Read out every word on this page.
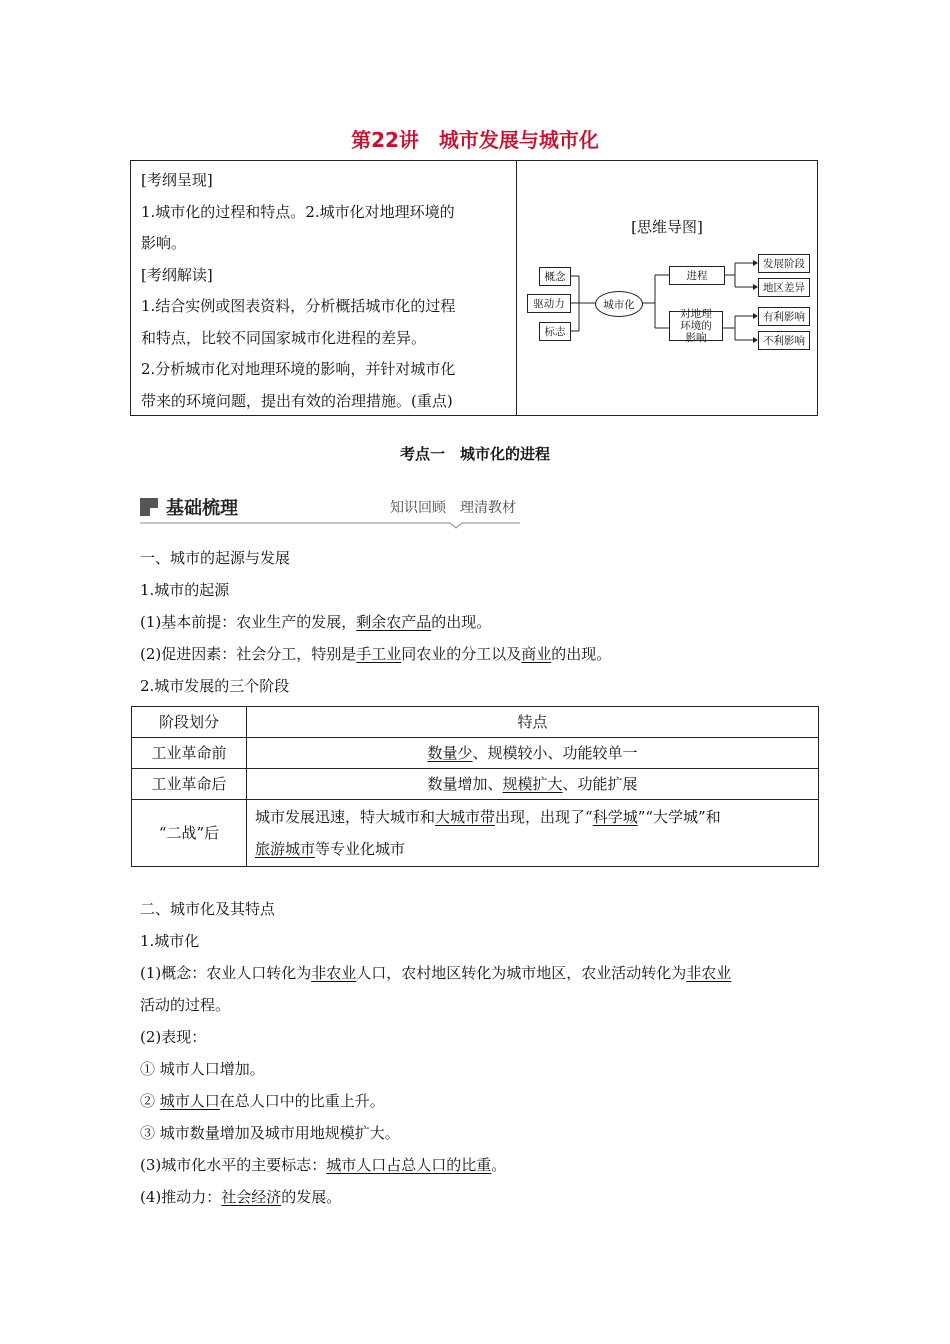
第22讲　城市发展与城市化

[考纲呈现]

1.城市化的过程和特点。2.城市化对地理环境的

影响。

[考纲解读]

1.结合实例或图表资料，分析概括城市化的过程

和特点，比较不同国家城市化进程的差异。

2.分析城市化对地理环境的影响，并针对城市化

带来的环境问题，提出有效的治理措施。(重点)

[思维导图]
概念
驱动力
标志
城市化
进程
对地理环境的影响
发展阶段
地区差异
有利影响
不利影响
考点一　城市化的进程
基础梳理	知识回顾　理清教材

一、城市的起源与发展

1.城市的起源

(1)基本前提：农业生产的发展，剩余农产品的出现。

(2)促进因素：社会分工，特别是手工业同农业的分工以及商业的出现。

2.城市发展的三个阶段

阶段划分	特点
工业革命前	数量少、规模较小、功能较单一
工业革命后	数量增加、规模扩大、功能扩展
“二战”后	城市发展迅速，特大城市和大城市带出现，出现了“科学城”“大学城”和
旅游城市等专业化城市

二、城市化及其特点

1.城市化

(1)概念：农业人口转化为非农业人口，农村地区转化为城市地区，农业活动转化为非农业
活动的过程。

(2)表现：

① 城市人口增加。

② 城市人口在总人口中的比重上升。

③ 城市数量增加及城市用地规模扩大。

(3)城市化水平的主要标志：城市人口占总人口的比重。

(4)推动力：社会经济的发展。
